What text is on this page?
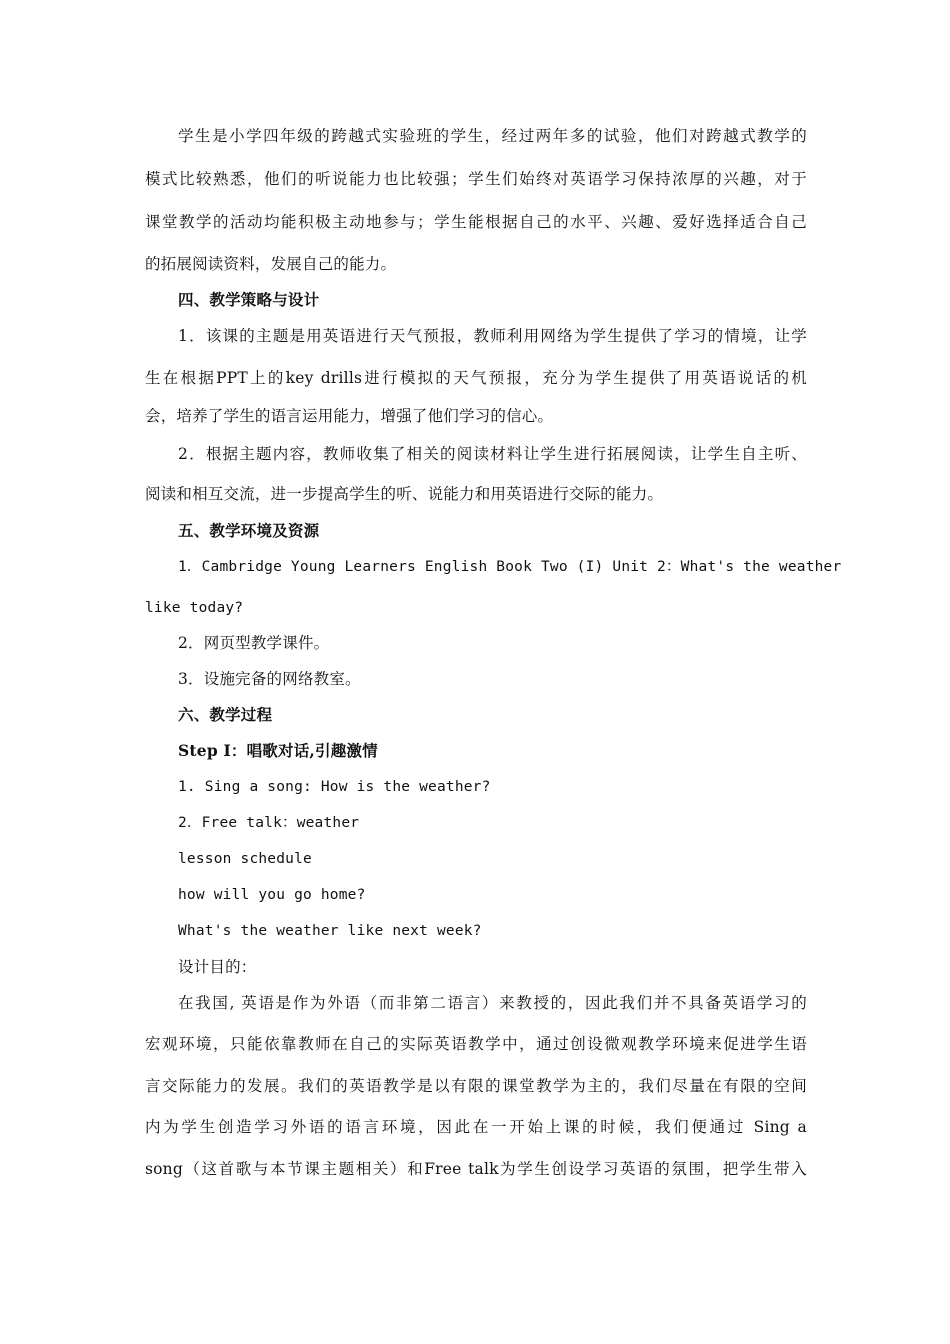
学生是小学四年级的跨越式实验班的学生，经过两年多的试验，他们对跨越式教学的
模式比较熟悉，他们的听说能力也比较强；学生们始终对英语学习保持浓厚的兴趣，对于
课堂教学的活动均能积极主动地参与；学生能根据自己的水平、兴趣、爱好选择适合自己
的拓展阅读资料，发展自己的能力。
四、教学策略与设计
1．该课的主题是用英语进行天气预报，教师利用网络为学生提供了学习的情境，让学
生在根据PPT上的key drills进行模拟的天气预报，充分为学生提供了用英语说话的机
会，培养了学生的语言运用能力，增强了他们学习的信心。
2．根据主题内容，教师收集了相关的阅读材料让学生进行拓展阅读，让学生自主听、
阅读和相互交流，进一步提高学生的听、说能力和用英语进行交际的能力。
五、教学环境及资源
1．Cambridge Young Learners English Book Two (I) Unit 2：What's the weather
like today?
2．网页型教学课件。
3．设施完备的网络教室。
六、教学过程
Step I：唱歌对话,引趣激情
1. Sing a song: How is the weather?
2．Free talk：weather
lesson schedule
how will you go home?
What's the weather like next week?
设计目的：
在我国, 英语是作为外语（而非第二语言）来教授的，因此我们并不具备英语学习的
宏观环境，只能依靠教师在自己的实际英语教学中，通过创设微观教学环境来促进学生语
言交际能力的发展。我们的英语教学是以有限的课堂教学为主的，我们尽量在有限的空间
内为学生创造学习外语的语言环境，因此在一开始上课的时候，我们便通过 Sing a
song（这首歌与本节课主题相关）和Free talk为学生创设学习英语的氛围，把学生带入
